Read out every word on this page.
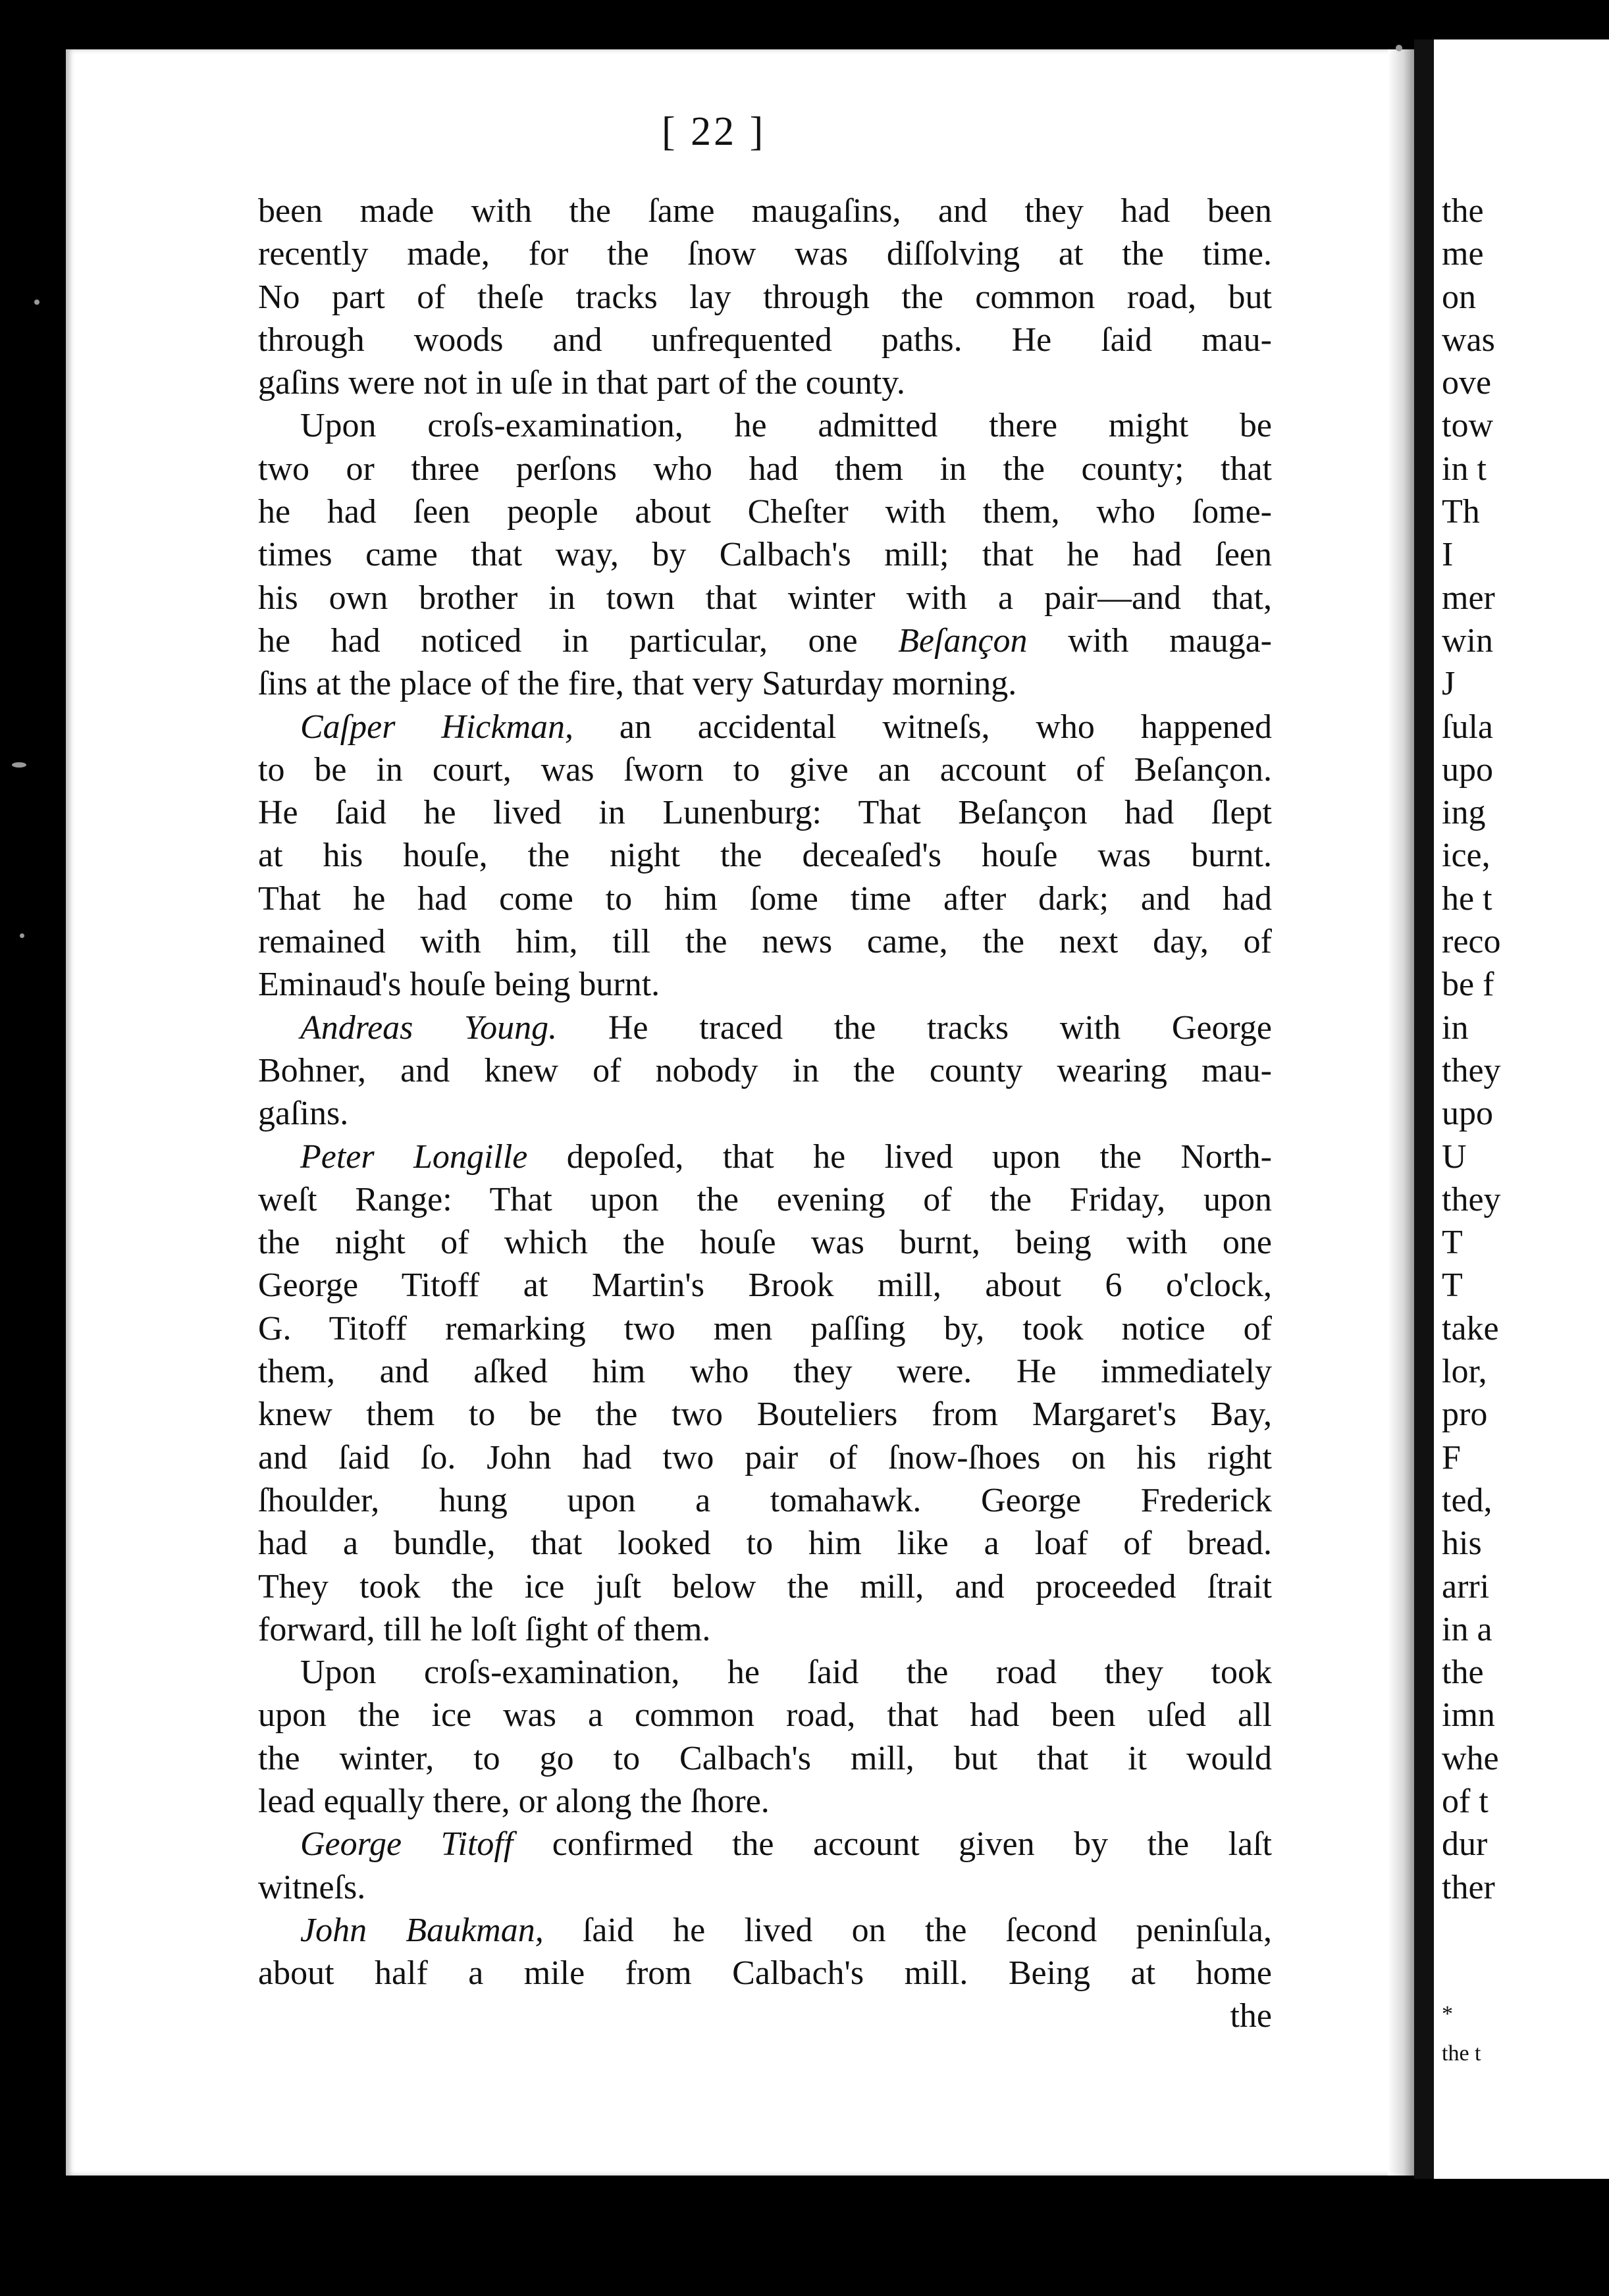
[ 22 ]
been made with the ſame maugaſins, and they had been
recently made, for the ſnow was diſſolving at the time.
No part of theſe tracks lay through the common road, but
through woods and unfrequented paths. He ſaid mau-
gaſins were not in uſe in that part of the county.
Upon croſs-examination, he admitted there might be
two or three perſons who had them in the county; that
he had ſeen people about Cheſter with them, who ſome-
times came that way, by Calbach's mill; that he had ſeen
his own brother in town that winter with a pair—and that,
he had noticed in particular, one Beſançon with mauga-
ſins at the place of the fire, that very Saturday morning.
Caſper Hickman, an accidental witneſs, who happened
to be in court, was ſworn to give an account of Beſançon.
He ſaid he lived in Lunenburg: That Beſançon had ſlept
at his houſe, the night the deceaſed's houſe was burnt.
That he had come to him ſome time after dark; and had
remained with him, till the news came, the next day, of
Eminaud's houſe being burnt.
Andreas Young. He traced the tracks with George
Bohner, and knew of nobody in the county wearing mau-
gaſins.
Peter Longille depoſed, that he lived upon the North-
weſt Range: That upon the evening of the Friday, upon
the night of which the houſe was burnt, being with one
George Titoff at Martin's Brook mill, about 6 o'clock,
G. Titoff remarking two men paſſing by, took notice of
them, and aſked him who they were. He immediately
knew them to be the two Bouteliers from Margaret's Bay,
and ſaid ſo. John had two pair of ſnow-ſhoes on his right
ſhoulder, hung upon a tomahawk. George Frederick
had a bundle, that looked to him like a loaf of bread.
They took the ice juſt below the mill, and proceeded ſtrait
forward, till he loſt ſight of them.
Upon croſs-examination, he ſaid the road they took
upon the ice was a common road, that had been uſed all
the winter, to go to Calbach's mill, but that it would
lead equally there, or along the ſhore.
George Titoff confirmed the account given by the laſt
witneſs.
John Baukman, ſaid he lived on the ſecond peninſula,
about half a mile from Calbach's mill. Being at home
the
the
me
on
was
ove
tow
in t
Th
I
mer
win
J
ſula
upo
ing
ice,
he t
reco
be f
in
they
upo
U
they
T
T
take
lor,
pro
F
ted,
his
arri
in a
the
imn
whe
of t
dur
ther
*
the t
